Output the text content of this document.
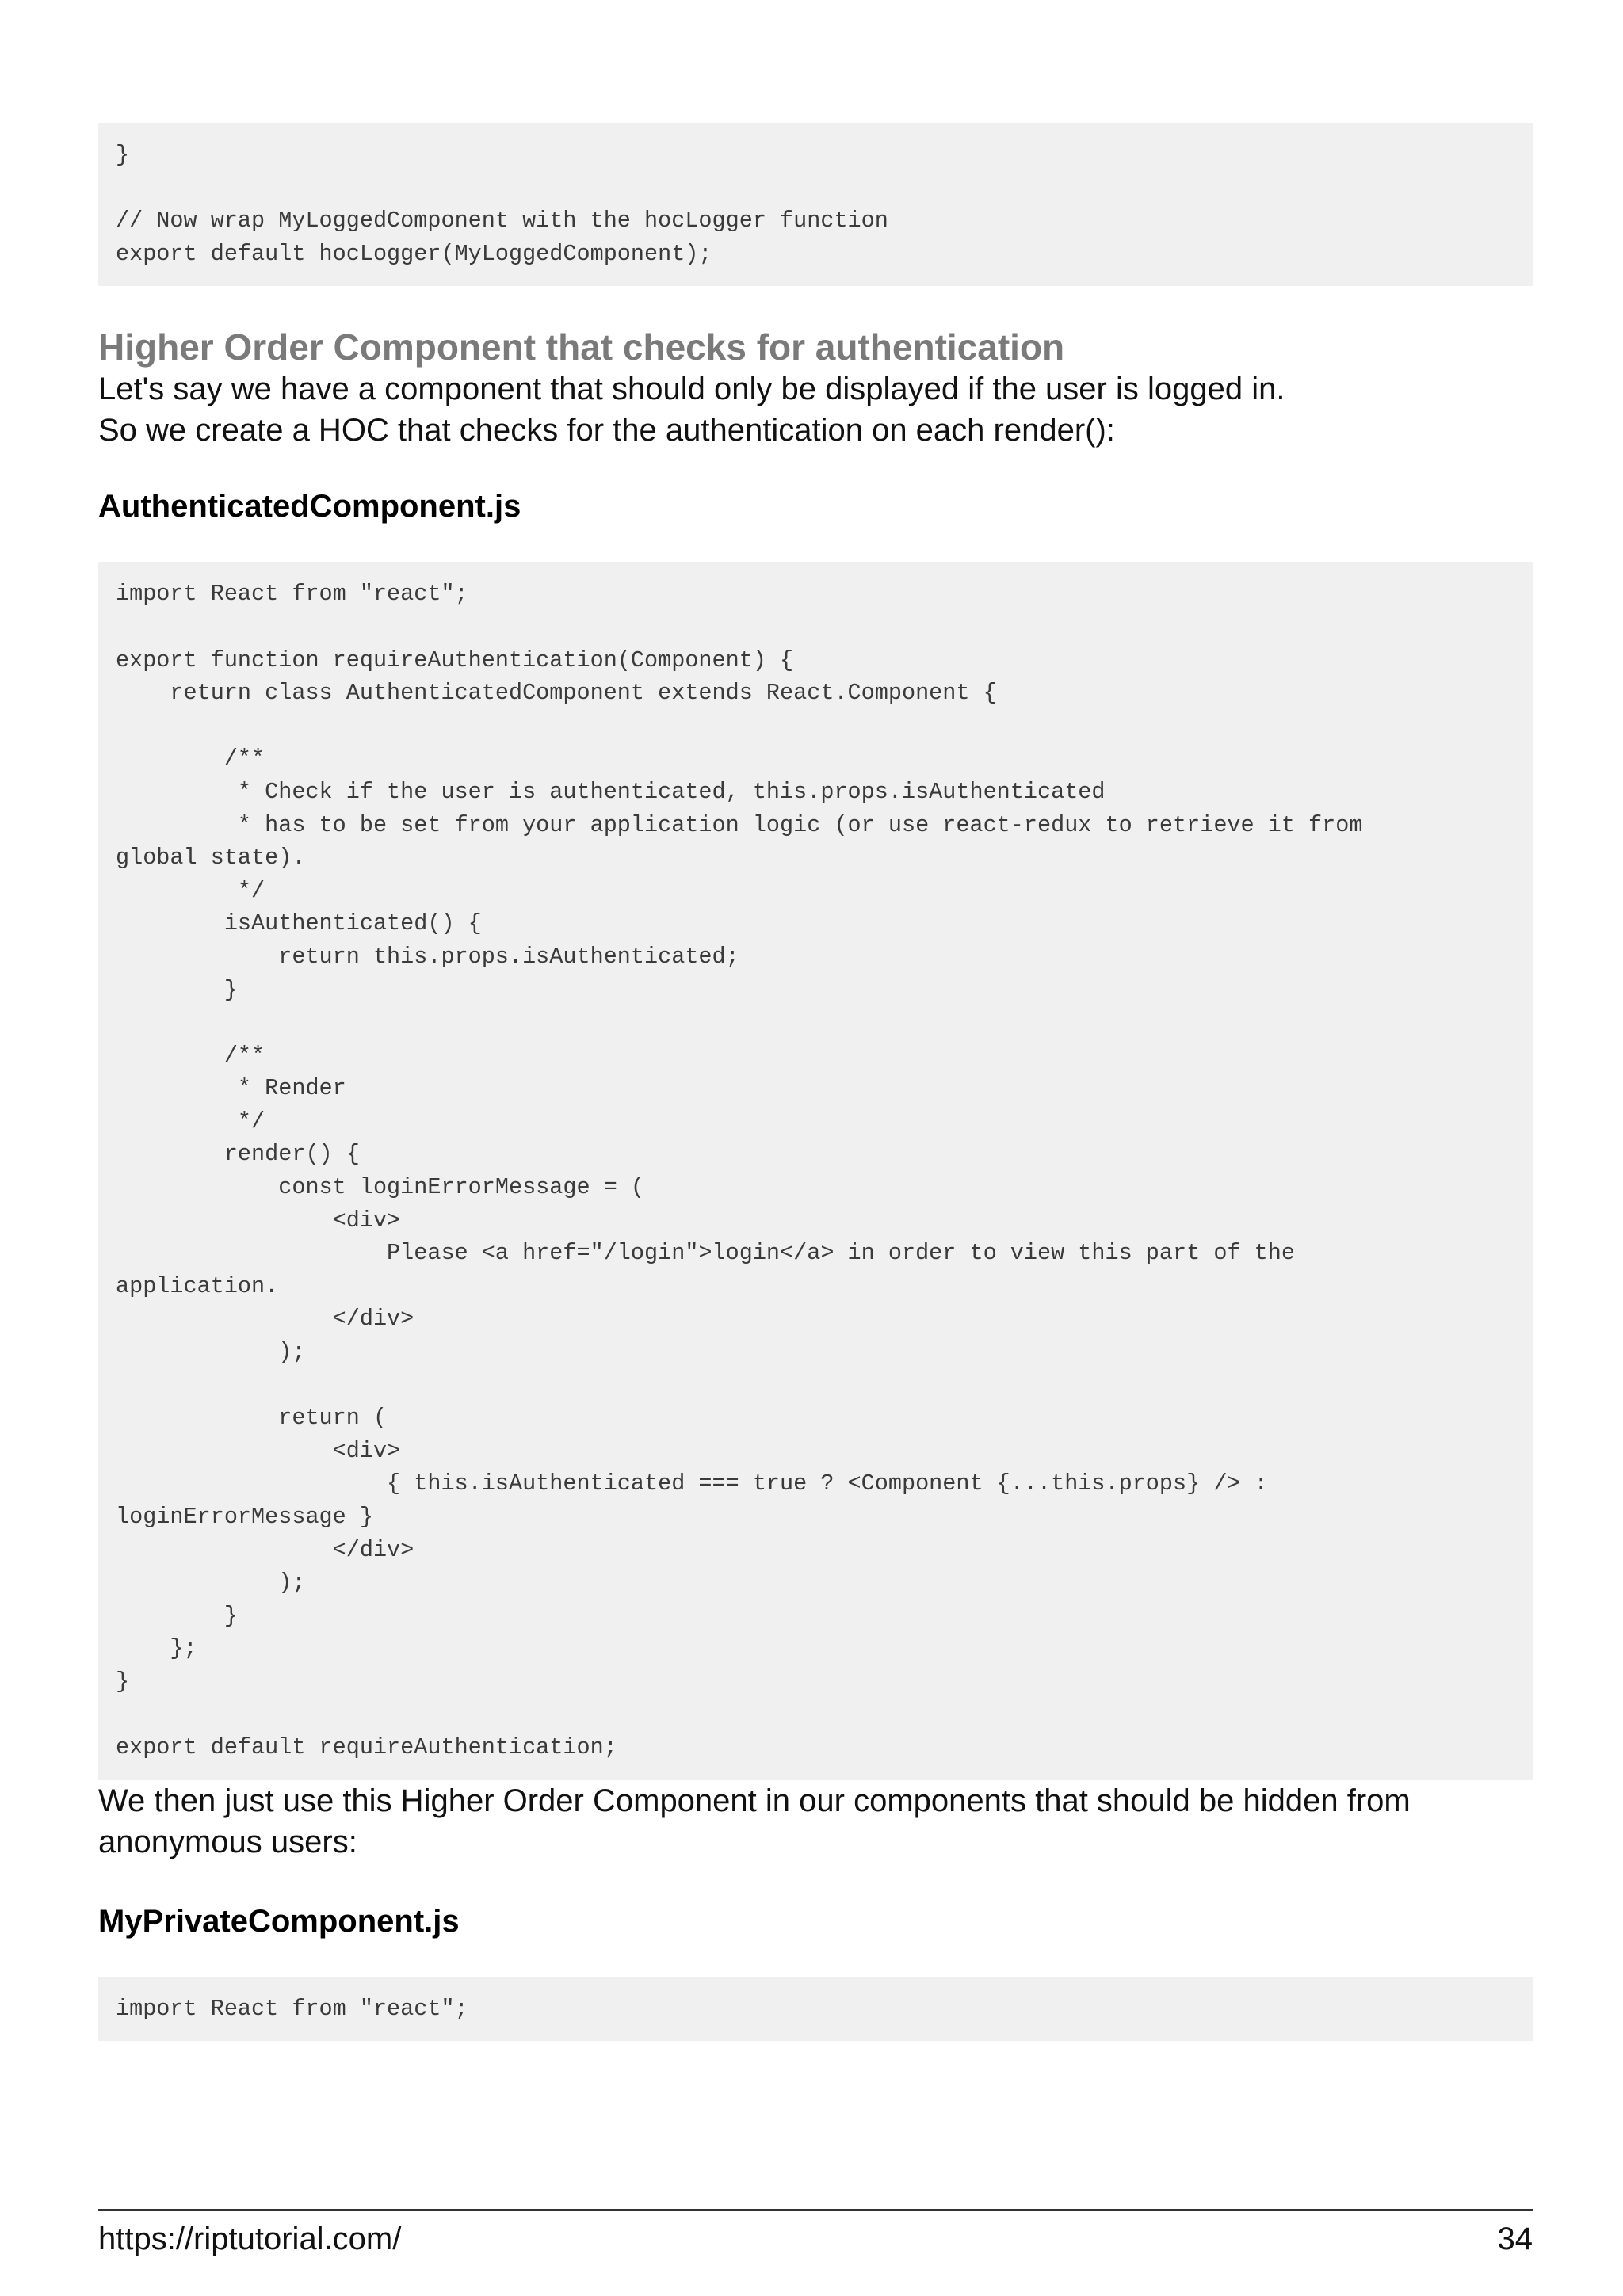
}

// Now wrap MyLoggedComponent with the hocLogger function
export default hocLogger(MyLoggedComponent);
Higher Order Component that checks for authentication

Let's say we have a component that should only be displayed if the user is logged in.

So we create a HOC that checks for the authentication on each render():

AuthenticatedComponent.js
import React from "react";

export function requireAuthentication(Component) {
return class AuthenticatedComponent extends React.Component {

/**
* Check if the user is authenticated, this.props.isAuthenticated
* has to be set from your application logic (or use react-redux to retrieve it from
global state).
*/
isAuthenticated() {
return this.props.isAuthenticated;
}

/**
* Render
*/
render() {
const loginErrorMessage = (
<div>
Please <a href="/login">login</a> in order to view this part of the
application.
</div>
);

return (
<div>
{ this.isAuthenticated === true ? <Component {...this.props} /> :
loginErrorMessage }
</div>
);
}
};
}

export default requireAuthentication;

We then just use this Higher Order Component in our components that should be hidden from anonymous users:

MyPrivateComponent.js
import React from "react";
https://riptutorial.com/	34
